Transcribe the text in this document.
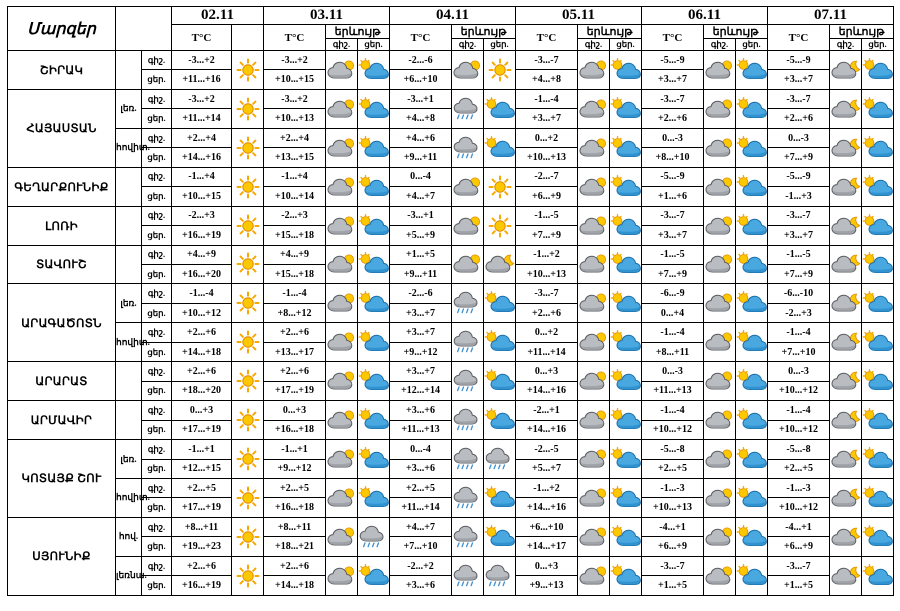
Մարզեր			02.11		03.11			04.11			05.11			06.11			07.11		
			T°C		T°C	երևույթ		T°C	երևույթ		T°C	երևույթ		T°C	երևույթ		T°C	երևույթ	
						գիշ.	ցեր.		գիշ.	ցեր.		գիշ.	ցեր.		գիշ.	ցեր.		գիշ.	ցեր.
ՇԻՐԱԿ		գիշ.	-3...+2		-3...+2			-2...-6			-3...-7			-5...-9			-5...-9	

		ցեր.	+11...+16		+10...+15			+6...+10			+4...+8			+3...+7			+3...+7		
ՀԱՅԱՍՏԱՆ	լեռ.	գիշ.	-3...+2		-3...+2			-3...+1			-1...-4			-3...-7			-3...-7	

		ցեր.	+11...+14		+10...+13			+4...+8			+3...+7			+2...+6			+2...+6		
	հովիտ.	գիշ.	+2...+4		+2...+4			+4...+6			0...+2			0...-3			0...-3	

		ցեր.	+14...+16		+13...+15			+9...+11			+10...+13			+8...+10			+7...+9		
ԳԵՂԱՐՔՈՒՆԻՔ		գիշ.	-1...+4		-1...+4			0...-4			-2...-7			-5...-9			-5...-9	

		ցեր.	+10...+15		+10...+14			+4...+7			+6...+9			+1...+6			-1...+3		
ԼՈՌԻ		գիշ.	-2...+3		-2...+3			-3...+1			-1...-5			-3...-7			-3...-7	

		ցեր.	+16...+19		+15...+18			+5...+9			+7...+9			+3...+7			+3...+7		
ՏԱՎՈՒՇ		գիշ.	+4...+9		+4...+9			+1...+5			-1...+2			-1...-5			-1...-5	

		ցեր.	+16...+20		+15...+18			+9...+11			+10...+13			+7...+9			+7...+9		
ԱՐԱԳԱԾՈՏՆ	լեռ.	գիշ.	-1...-4		-1...-4			-2...-6			-3...-7			-6...-9			-6...-10	

		ցեր.	+10...+12		+8...+12			+3...+7			+2...+6			0...+4			-2...+3		
	հովիտ.	գիշ.	+2...+6		+2...+6			+3...+7			0...+2			-1...-4			-1...-4	

		ցեր.	+14...+18		+13...+17			+9...+12			+11...+14			+8...+11			+7...+10		
ԱՐԱՐԱՏ		գիշ.	+2...+6		+2...+6			+3...+7			0...+3			0...-3			0...-3	

		ցեր.	+18...+20		+17...+19			+12...+14			+14...+16			+11...+13			+10...+12		
ԱՐՄԱՎԻՐ		գիշ.	0...+3		0...+3			+3...+6			-2...+1			-1...-4			-1...-4	

		ցեր.	+17...+19		+16...+18			+11...+13			+14...+16			+10...+12			+10...+12		
ԿՈՏԱՅՔ ՇՈՒ	լեռ.	գիշ.	-1...+1		-1...+1			0...-4			-2...-5			-5...-8			-5...-8	

		ցեր.	+12...+15		+9...+12			+3...+6			+5...+7			+2...+5			+2...+5		
	հովիտ.	գիշ.	+2...+5		+2...+5			+2...+5			-1...+2			-1...-3			-1...-3	

		ցեր.	+17...+19		+16...+18			+11...+14			+14...+16			+10...+13			+10...+12		
ՍՅՈՒՆԻՔ	հով.	գիշ.	+8...+11		+8...+11			+4...+7			+6...+10			-4...+1			-4...+1	

		ցեր.	+19...+23		+18...+21			+7...+10			+14...+17			+6...+9			+6...+9		
	լեռնա.	գիշ.	+2...+6		+2...+6			-2...+2			0...+3			-3...-7			-3...-7	

		ցեր.	+16...+19		+14...+18			+3...+6			+9...+13			+1...+5			+1...+5		
